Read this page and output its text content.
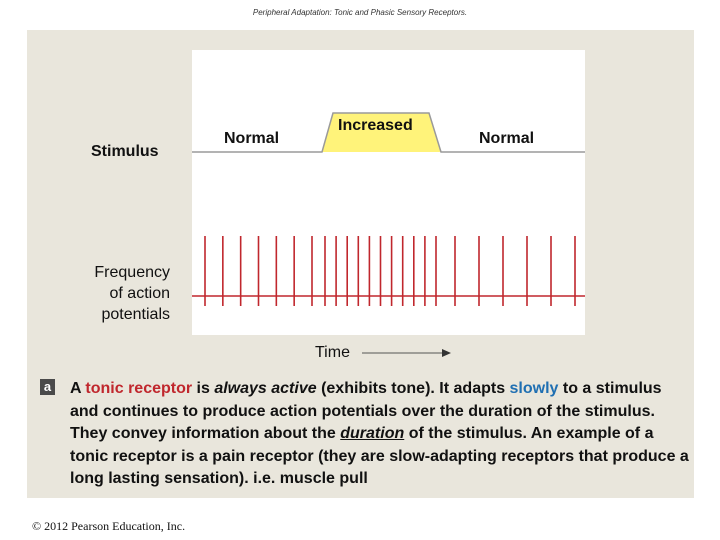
Peripheral Adaptation: Tonic and Phasic Sensory Receptors.
Stimulus
Normal
Increased
Normal
Frequency
of action
potentials
Time
a A tonic receptor is always active (exhibits tone). It adapts slowly to a stimulus and continues to produce action potentials over the duration of the stimulus. They convey information about the duration of the stimulus. An example of a tonic receptor is a pain receptor (they are slow-adapting receptors that produce a long lasting sensation). i.e. muscle pull
© 2012 Pearson Education, Inc.
